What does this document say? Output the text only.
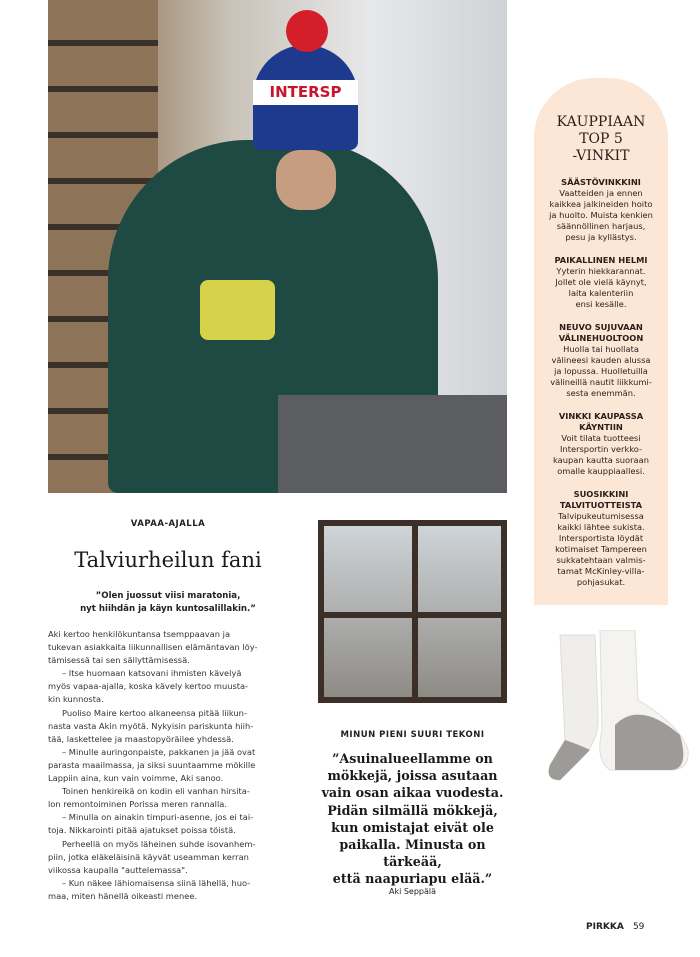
INTERSP
KAUPPIAAN
TOP 5
-VINKIT
SÄÄSTÖVINKKINI
Vaatteiden ja ennen
kaikkea jalkineiden hoito
ja huolto. Muista kenkien
säännöllinen harjaus,
pesu ja kyllästys.
PAIKALLINEN HELMI
Yyterin hiekkarannat.
Jollet ole vielä käynyt,
laita kalenteriin
ensi kesälle.
NEUVO SUJUVAAN
VÄLINEHUOLTOON
Huolla tai huollata
välineesi kauden alussa
ja lopussa. Huolletuilla
välineillä nautit liikkumi-
sesta enemmän.
VINKKI KAUPASSA
KÄYNTIIN
Voit tilata tuotteesi
Intersportin verkko-
kaupan kautta suoraan
omalle kauppiaallesi.
SUOSIKKINI
TALVITUOTTEISTA
Talvipukeutumisessa
kaikki lähtee sukista.
Intersportista löydät
kotimaiset Tampereen
sukkatehtaan valmis-
tamat McKinley-villa-
pohjasukat.
VAPAA-AJALLA
Talviurheilun fani
”Olen juossut viisi maratonia,
nyt hiihdän ja käyn kuntosalillakin.”
Aki kertoo henkilökuntansa tsemppaavan ja
tukevan asiakkaita liikunnallisen elämäntavan löy-
tämisessä tai sen säilyttämisessä.
– Itse huomaan katsovani ihmisten kävelyä
myös vapaa-ajalla, koska kävely kertoo muusta-
kin kunnosta.
Puoliso Maire kertoo alkaneensa pitää liikun-
nasta vasta Akin myötä. Nykyisin pariskunta hiih-
tää, laskettelee ja maastopyöräilee yhdessä.
– Minulle auringonpaiste, pakkanen ja jää ovat
parasta maailmassa, ja siksi suuntaamme mökille
Lappiin aina, kun vain voimme, Aki sanoo.
Toinen henkireikä on kodin eli vanhan hirsita-
lon remontoiminen Porissa meren rannalla.
– Minulla on ainakin timpuri-asenne, jos ei tai-
toja. Nikkarointi pitää ajatukset poissa töistä.
Perheellä on myös läheinen suhde isovanhem-
piin, jotka eläkeläisinä käyvät useamman kerran
viikossa kaupalla "auttelemassa".
– Kun näkee lähiomaisensa siinä lähellä, huo-
maa, miten hänellä oikeasti menee.
MINUN PIENI SUURI TEKONI
”Asuinalueellamme on
mökkejä, joissa asutaan
vain osan aikaa vuodesta.
Pidän silmällä mökkejä,
kun omistajat eivät ole
paikalla. Minusta on tärkeää,
että naapuriapu elää.”
Aki Seppälä
PIRKKA 59
